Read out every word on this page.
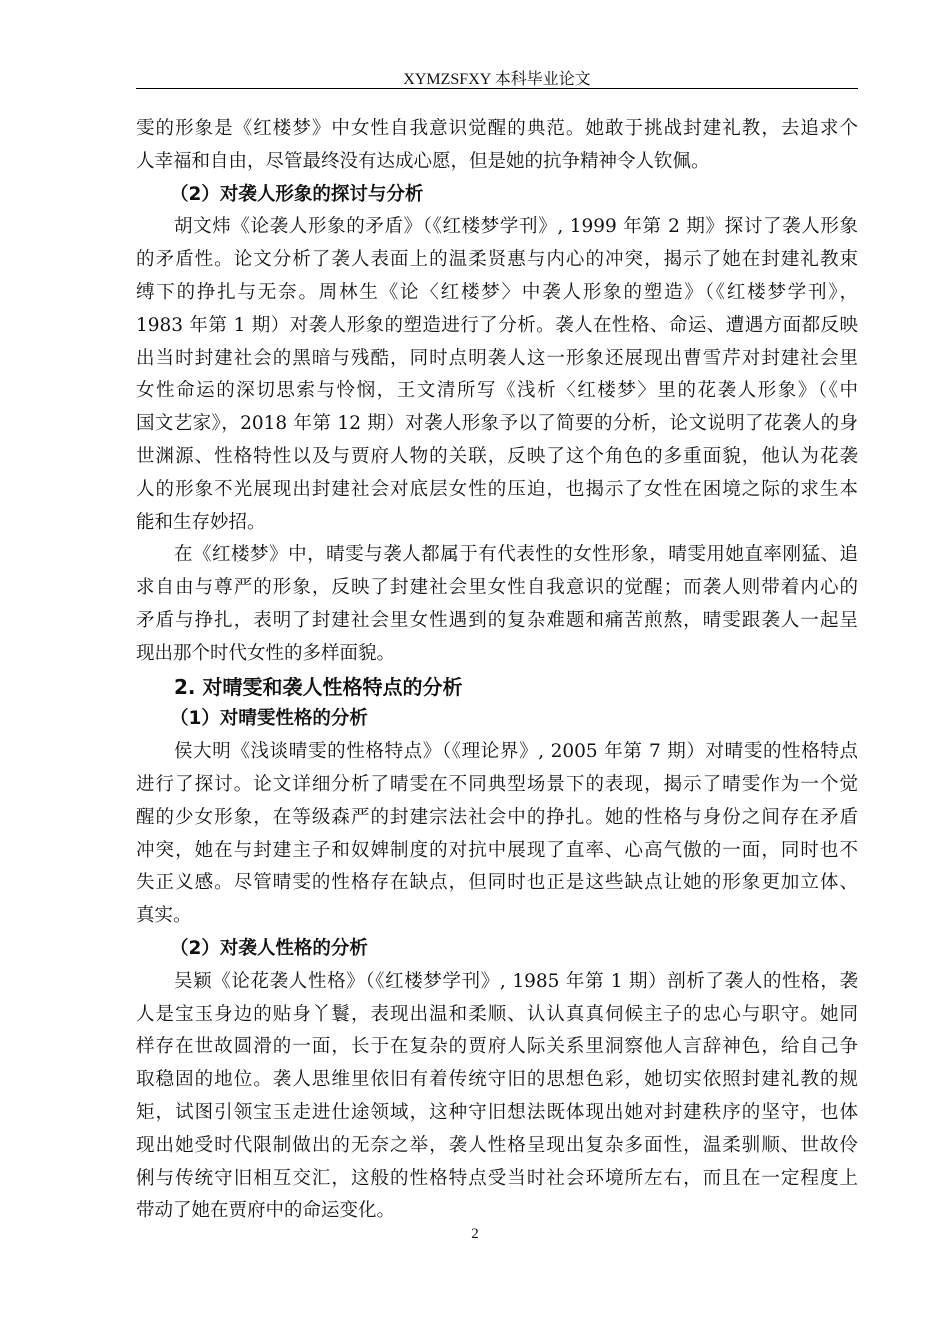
XYMZSFXY 本科毕业论文
雯的形象是《红楼梦》中女性自我意识觉醒的典范。她敢于挑战封建礼教，去追求个
人幸福和自由，尽管最终没有达成心愿，但是她的抗争精神令人钦佩。
（2）对袭人形象的探讨与分析
胡文炜《论袭人形象的矛盾》（《红楼梦学刊》, 1999 年第 2 期》探讨了袭人形象
的矛盾性。论文分析了袭人表面上的温柔贤惠与内心的冲突，揭示了她在封建礼教束
缚下的挣扎与无奈。周林生《论〈红楼梦〉中袭人形象的塑造》（《红楼梦学刊》，
1983 年第 1 期）对袭人形象的塑造进行了分析。袭人在性格、命运、遭遇方面都反映
出当时封建社会的黑暗与残酷，同时点明袭人这一形象还展现出曹雪芹对封建社会里
女性命运的深切思索与怜悯，王文清所写《浅析〈红楼梦〉里的花袭人形象》（《中
国文艺家》，2018 年第 12 期）对袭人形象予以了简要的分析，论文说明了花袭人的身
世渊源、性格特性以及与贾府人物的关联，反映了这个角色的多重面貌，他认为花袭
人的形象不光展现出封建社会对底层女性的压迫，也揭示了女性在困境之际的求生本
能和生存妙招。
在《红楼梦》中，晴雯与袭人都属于有代表性的女性形象，晴雯用她直率刚猛、追
求自由与尊严的形象，反映了封建社会里女性自我意识的觉醒；而袭人则带着内心的
矛盾与挣扎，表明了封建社会里女性遇到的复杂难题和痛苦煎熬，晴雯跟袭人一起呈
现出那个时代女性的多样面貌。
2. 对晴雯和袭人性格特点的分析
（1）对晴雯性格的分析
侯大明《浅谈晴雯的性格特点》（《理论界》, 2005 年第 7 期）对晴雯的性格特点
进行了探讨。论文详细分析了晴雯在不同典型场景下的表现，揭示了晴雯作为一个觉
醒的少女形象，在等级森严的封建宗法社会中的挣扎。她的性格与身份之间存在矛盾
冲突，她在与封建主子和奴婢制度的对抗中展现了直率、心高气傲的一面，同时也不
失正义感。尽管晴雯的性格存在缺点，但同时也正是这些缺点让她的形象更加立体、
真实。
（2）对袭人性格的分析
吴颖《论花袭人性格》（《红楼梦学刊》, 1985 年第 1 期）剖析了袭人的性格，袭
人是宝玉身边的贴身丫鬟，表现出温和柔顺、认认真真伺候主子的忠心与职守。她同
样存在世故圆滑的一面，长于在复杂的贾府人际关系里洞察他人言辞神色，给自己争
取稳固的地位。袭人思维里依旧有着传统守旧的思想色彩，她切实依照封建礼教的规
矩，试图引领宝玉走进仕途领域，这种守旧想法既体现出她对封建秩序的坚守，也体
现出她受时代限制做出的无奈之举，袭人性格呈现出复杂多面性，温柔驯顺、世故伶
俐与传统守旧相互交汇，这般的性格特点受当时社会环境所左右，而且在一定程度上
带动了她在贾府中的命运变化。
2
